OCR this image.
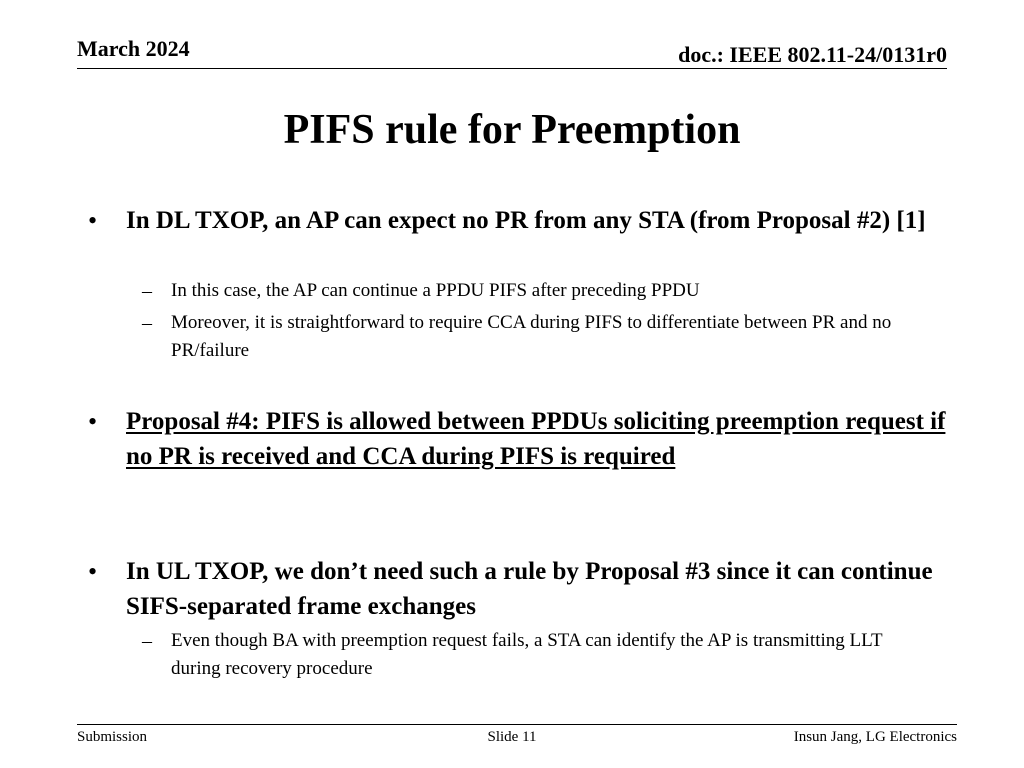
March 2024	doc.: IEEE 802.11-24/0131r0
PIFS rule for Preemption
• In DL TXOP, an AP can expect no PR from any STA (from Proposal #2) [1]
– In this case, the AP can continue a PPDU PIFS after preceding PPDU
– Moreover, it is straightforward to require CCA during PIFS to differentiate between PR and no PR/failure
• Proposal #4: PIFS is allowed between PPDUs soliciting preemption request if no PR is received and CCA during PIFS is required
• In UL TXOP, we don’t need such a rule by Proposal #3 since it can continue SIFS-separated frame exchanges
– Even though BA with preemption request fails, a STA can identify the AP is transmitting LLT during recovery procedure
Submission	Slide 11	Insun Jang, LG Electronics
